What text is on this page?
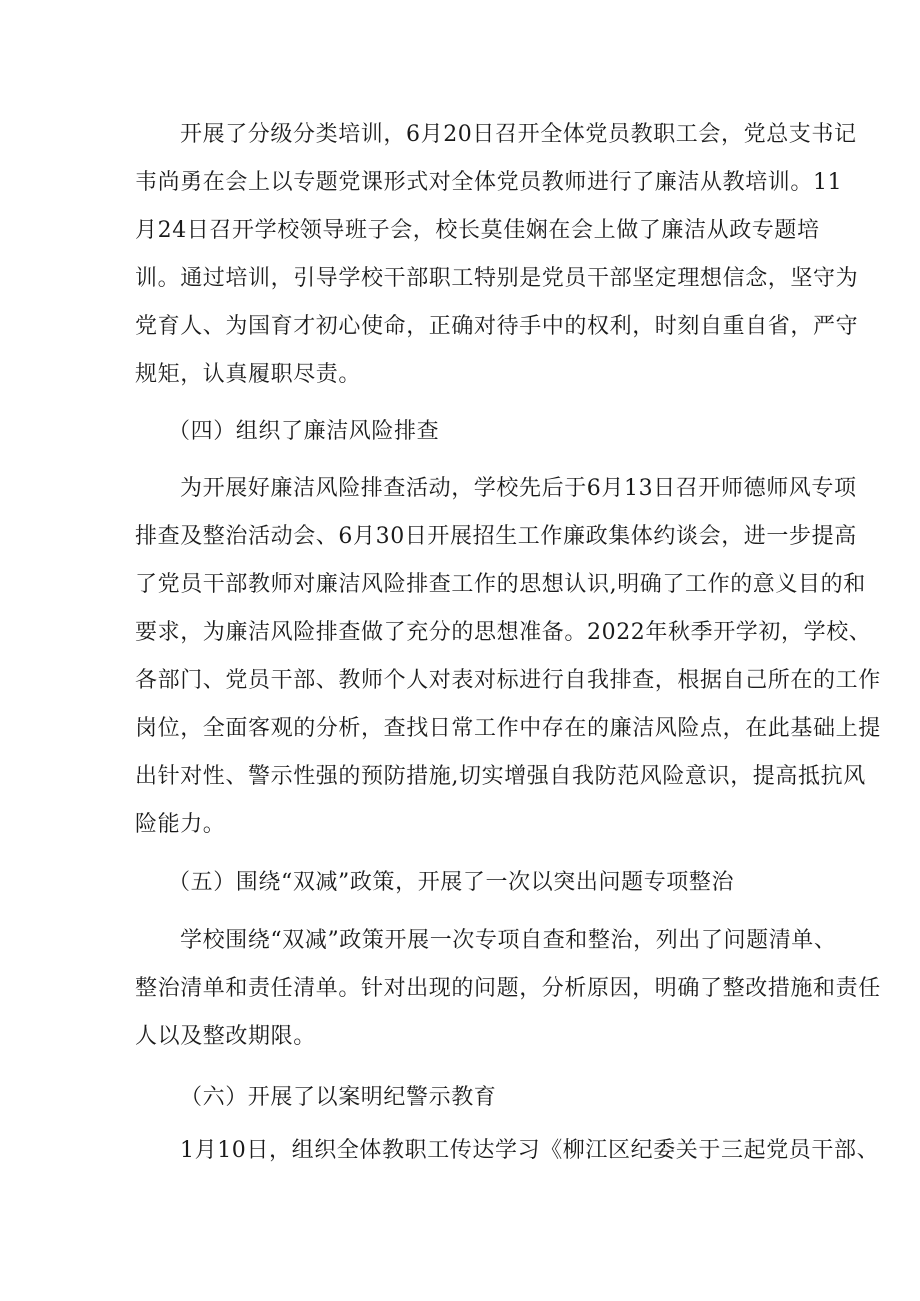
开展了分级分类培训，6月20日召开全体党员教职工会，党总支书记
韦尚勇在会上以专题党课形式对全体党员教师进行了廉洁从教培训。11
月24日召开学校领导班子会，校长莫佳娴在会上做了廉洁从政专题培
训。通过培训，引导学校干部职工特别是党员干部坚定理想信念，坚守为
党育人、为国育才初心使命，正确对待手中的权利，时刻自重自省，严守
规矩，认真履职尽责。
（四）组织了廉洁风险排查
为开展好廉洁风险排查活动，学校先后于6月13日召开师德师风专项
排查及整治活动会、6月30日开展招生工作廉政集体约谈会，进一步提高
了党员干部教师对廉洁风险排查工作的思想认识,明确了工作的意义目的和
要求，为廉洁风险排查做了充分的思想准备。2022年秋季开学初，学校、
各部门、党员干部、教师个人对表对标进行自我排查，根据自己所在的工作
岗位，全面客观的分析，查找日常工作中存在的廉洁风险点，在此基础上提
出针对性、警示性强的预防措施,切实增强自我防范风险意识，提高抵抗风
险能力。
（五）围绕“双减”政策，开展了一次以突出问题专项整治
学校围绕“双减”政策开展一次专项自查和整治，列出了问题清单、
整治清单和责任清单。针对出现的问题，分析原因，明确了整改措施和责任
人以及整改期限。
（六）开展了以案明纪警示教育
1月10日，组织全体教职工传达学习《柳江区纪委关于三起党员干部、
